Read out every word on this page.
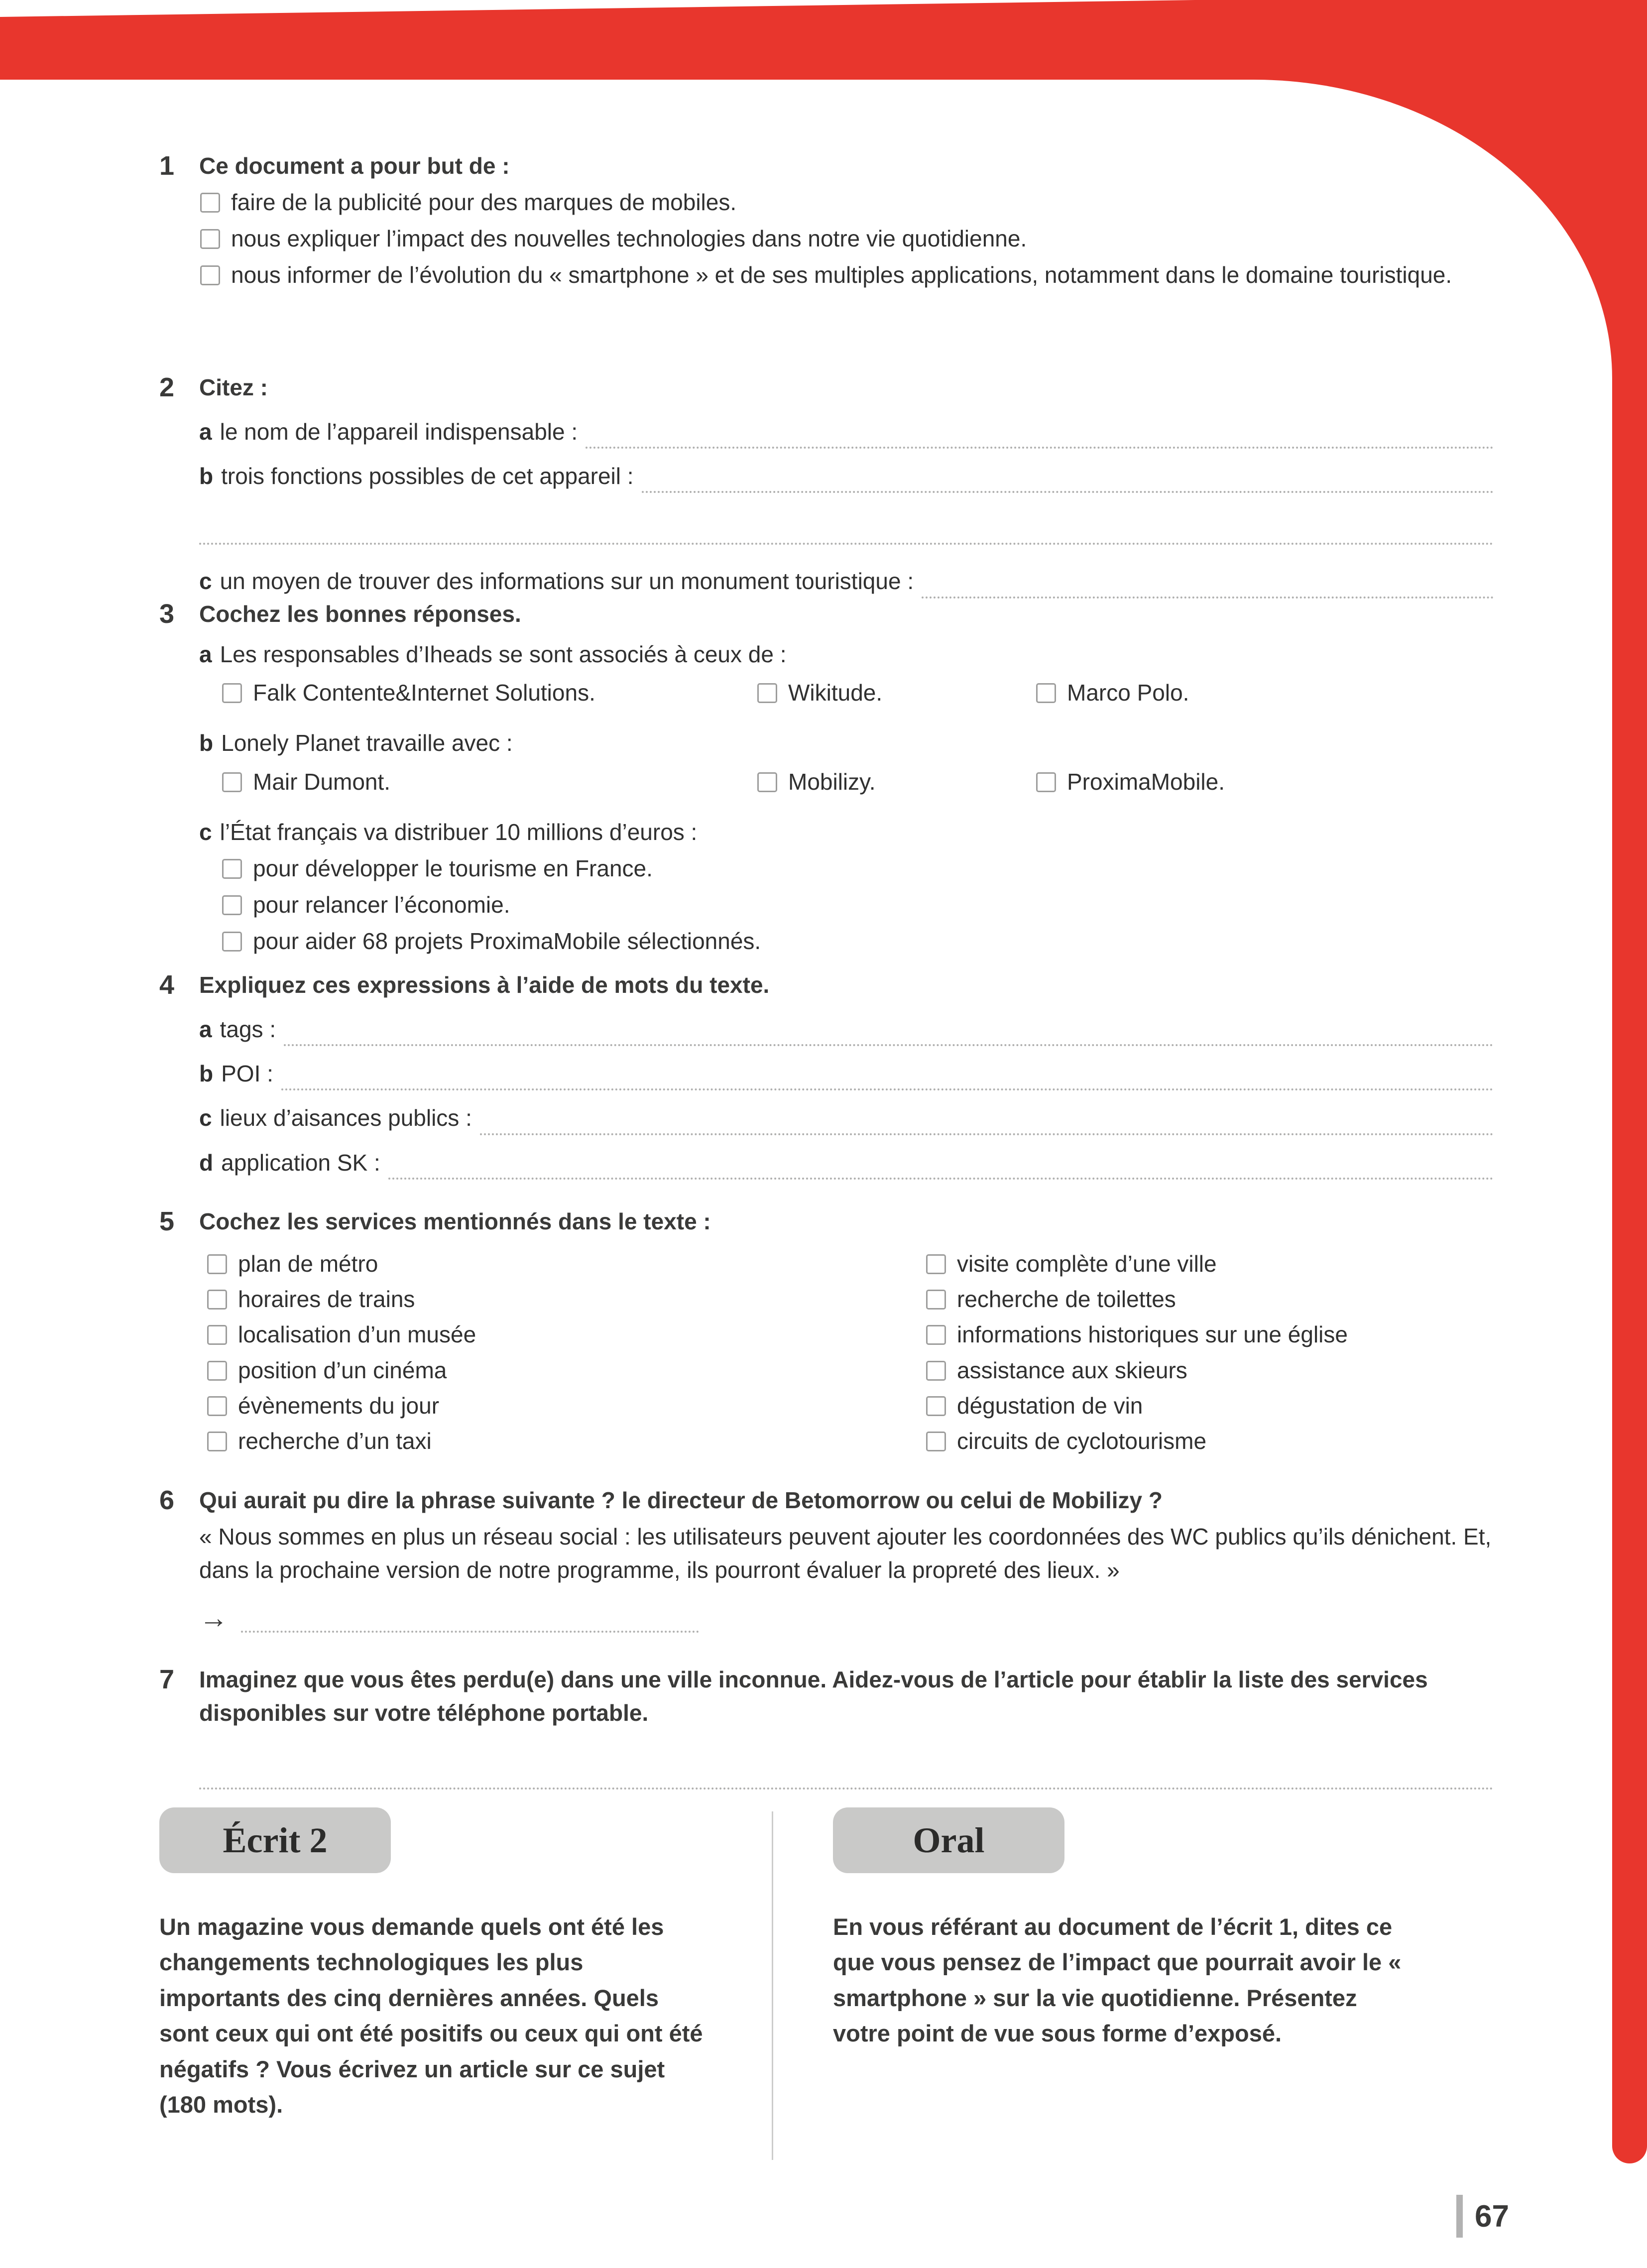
1	Ce document a pour but de :
faire de la publicité pour des marques de mobiles.
nous expliquer l’impact des nouvelles technologies dans notre vie quotidienne.
nous informer de l’évolution du « smartphone » et de ses multiples applications, notamment dans le domaine touristique.
2	Citez :
a le nom de l’appareil indispensable :
b trois fonctions possibles de cet appareil :
c un moyen de trouver des informations sur un monument touristique :
3	Cochez les bonnes réponses.
a Les responsables d’Iheads se sont associés à ceux de :
Falk Contente&Internet Solutions.	Wikitude.	Marco Polo.
b Lonely Planet travaille avec :
Mair Dumont.	Mobilizy.	ProximaMobile.
c l’État français va distribuer 10 millions d’euros :
pour développer le tourisme en France.
pour relancer l’économie.
pour aider 68 projets ProximaMobile sélectionnés.
4	Expliquez ces expressions à l’aide de mots du texte.
a tags :
b POI :
c lieux d’aisances publics :
d application SK :
5	Cochez les services mentionnés dans le texte :
plan de métro	visite complète d’une ville
horaires de trains	recherche de toilettes
localisation d’un musée	informations historiques sur une église
position d’un cinéma	assistance aux skieurs
évènements du jour	dégustation de vin
recherche d’un taxi	circuits de cyclotourisme
6	Qui aurait pu dire la phrase suivante ? le directeur de Betomorrow ou celui de Mobilizy ?
« Nous sommes en plus un réseau social : les utilisateurs peuvent ajouter les coordonnées des WC publics qu’ils dénichent. Et, dans la prochaine version de notre programme, ils pourront évaluer la propreté des lieux. »
→
7	Imaginez que vous êtes perdu(e) dans une ville inconnue. Aidez-vous de l’article pour établir la liste des services disponibles sur votre téléphone portable.
Écrit 2
Un magazine vous demande quels ont été les changements technologiques les plus importants des cinq dernières années. Quels sont ceux qui ont été positifs ou ceux qui ont été négatifs ? Vous écrivez un article sur ce sujet (180 mots).
Oral
En vous référant au document de l’écrit 1, dites ce que vous pensez de l’impact que pourrait avoir le « smartphone » sur la vie quotidienne. Présentez votre point de vue sous forme d’exposé.
67
